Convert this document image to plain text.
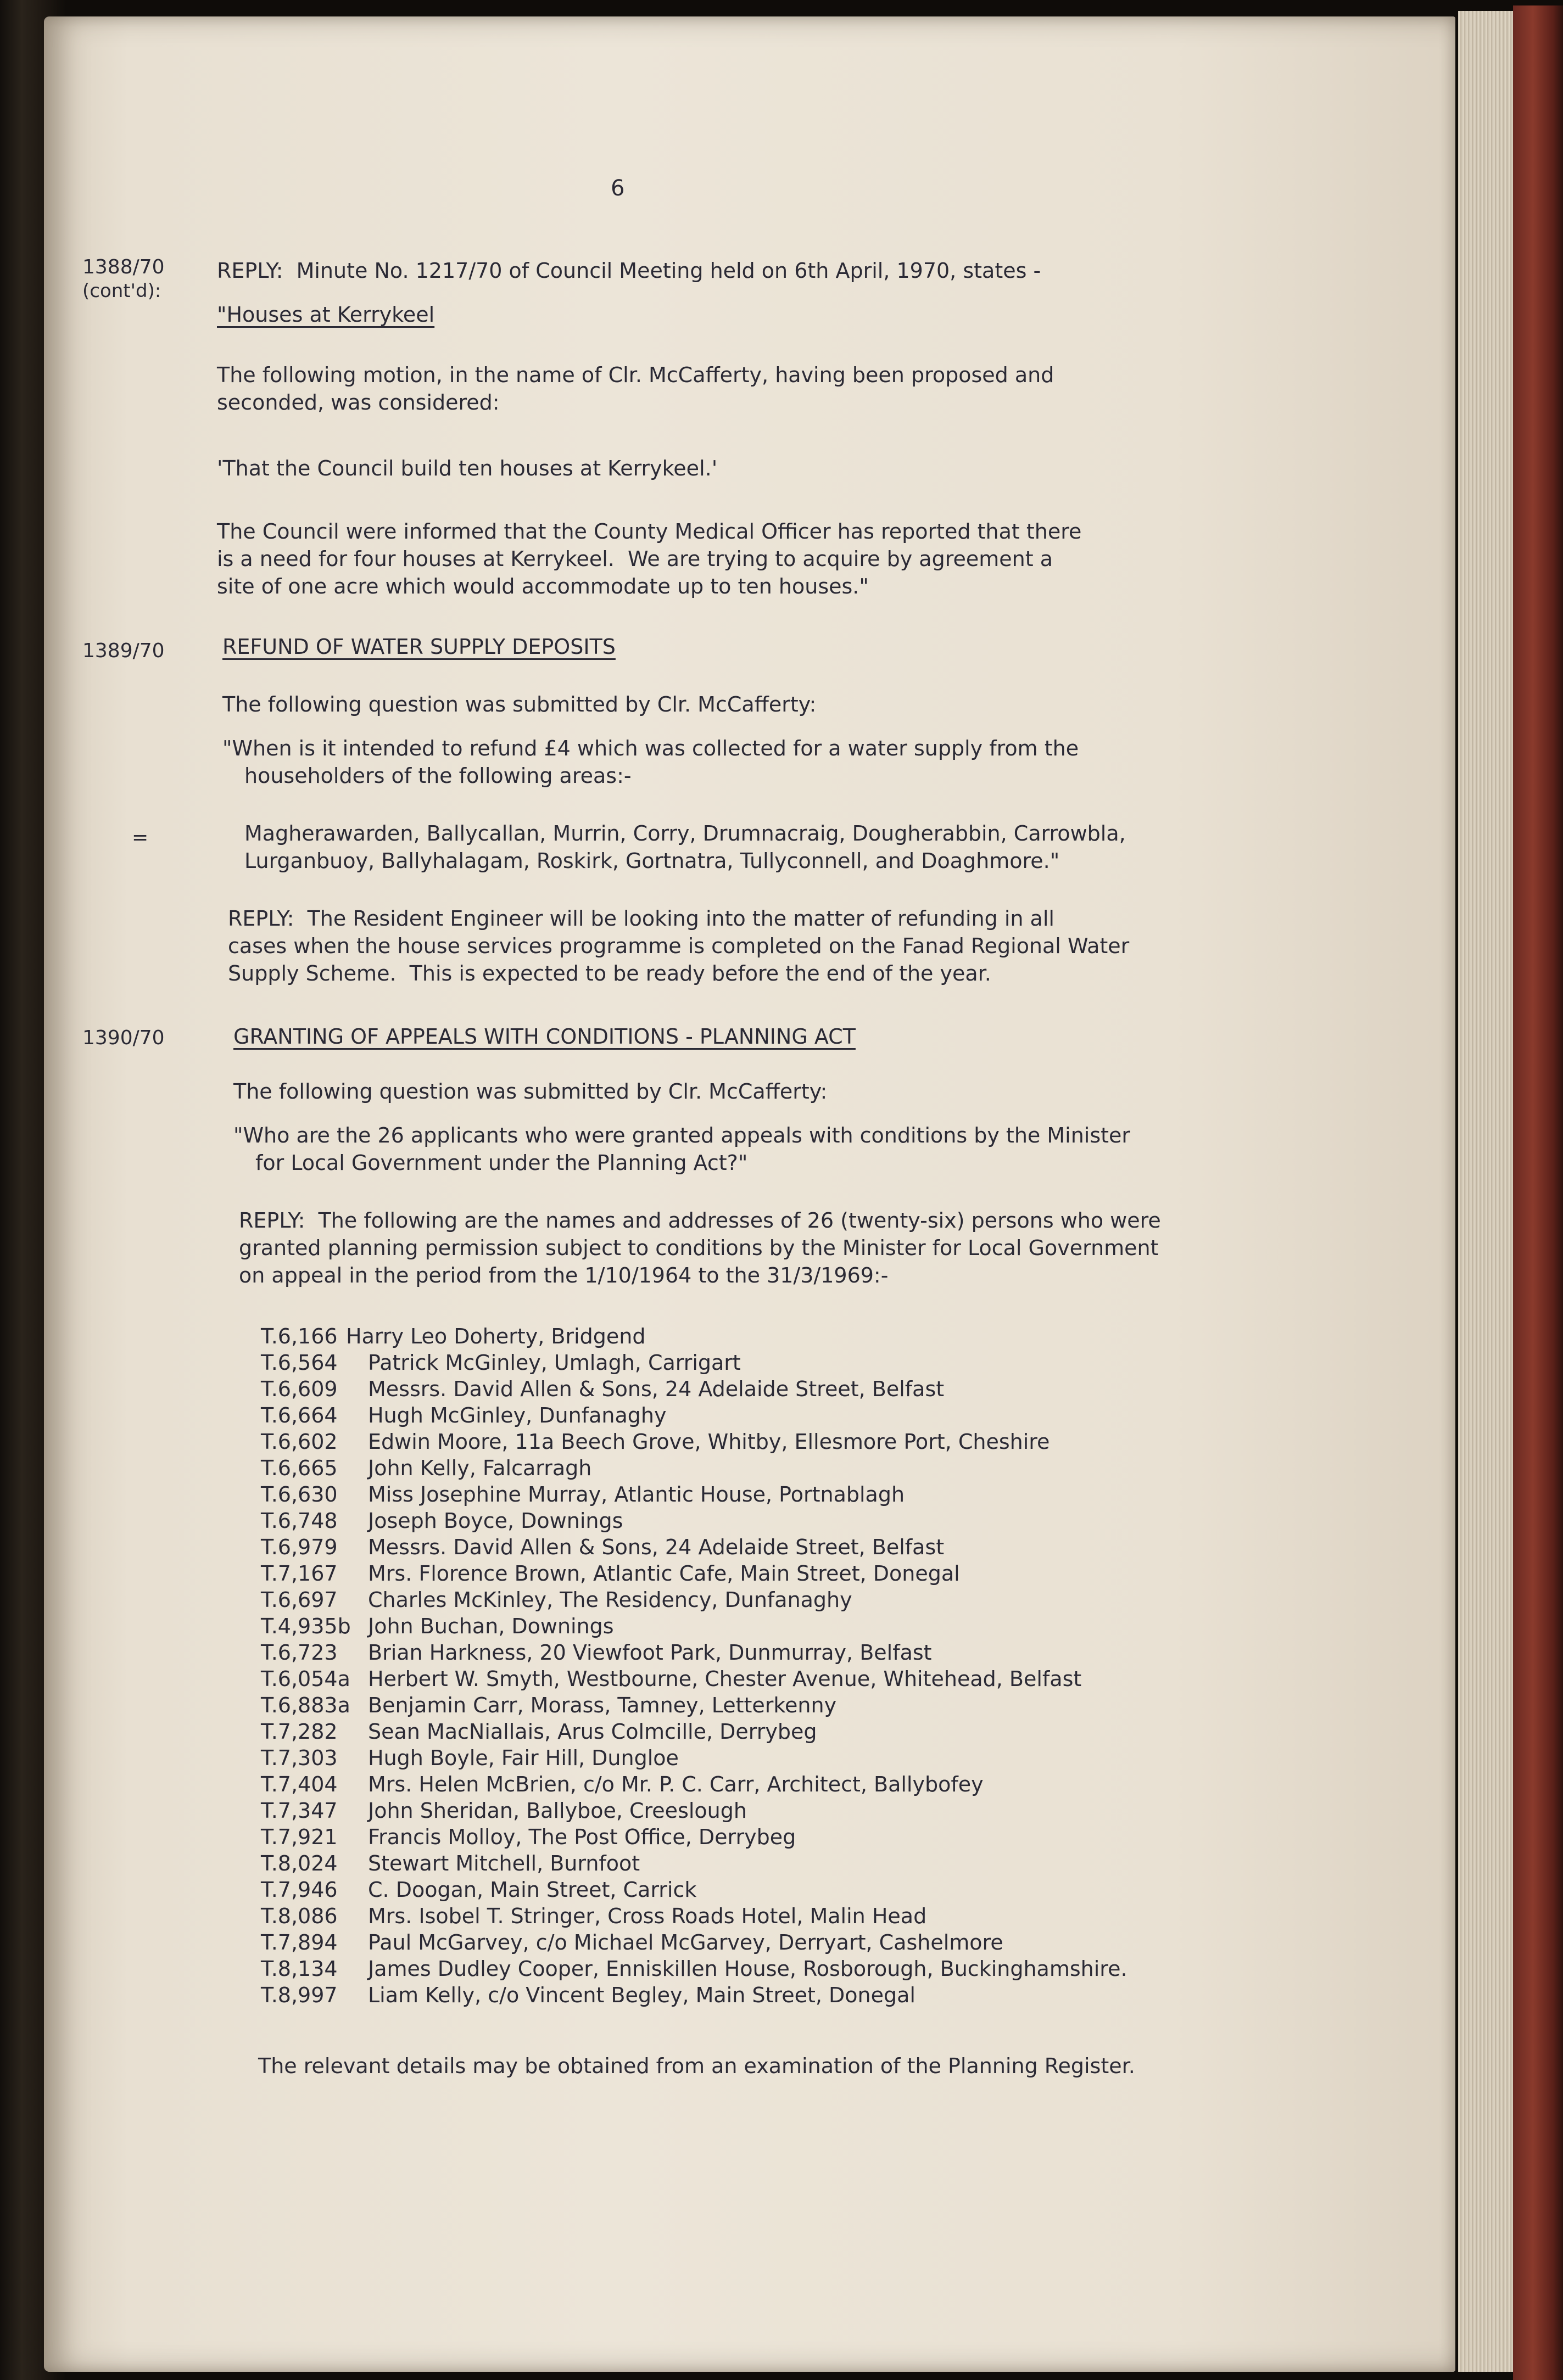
6
1388/70
(cont'd):
REPLY:  Minute No. 1217/70 of Council Meeting held on 6th April, 1970, states -
"Houses at Kerrykeel
The following motion, in the name of Clr. McCafferty, having been proposed and
seconded, was considered:
'That the Council build ten houses at Kerrykeel.'
The Council were informed that the County Medical Officer has reported that there
is a need for four houses at Kerrykeel.  We are trying to acquire by agreement a
site of one acre which would accommodate up to ten houses."
1389/70	REFUND OF WATER SUPPLY DEPOSITS
The following question was submitted by Clr. McCafferty:
"When is it intended to refund £4 which was collected for a water supply from the
householders of the following areas:-
=	Magherawarden, Ballycallan, Murrin, Corry, Drumnacraig, Dougherabbin, Carrowbla,
Lurganbuoy, Ballyhalagam, Roskirk, Gortnatra, Tullyconnell, and Doaghmore."
REPLY:  The Resident Engineer will be looking into the matter of refunding in all
cases when the house services programme is completed on the Fanad Regional Water
Supply Scheme.  This is expected to be ready before the end of the year.
1390/70	GRANTING OF APPEALS WITH CONDITIONS - PLANNING ACT
The following question was submitted by Clr. McCafferty:
"Who are the 26 applicants who were granted appeals with conditions by the Minister
for Local Government under the Planning Act?"
REPLY:  The following are the names and addresses of 26 (twenty-six) persons who were
granted planning permission subject to conditions by the Minister for Local Government
on appeal in the period from the 1/10/1964 to the 31/3/1969:-
T.6,166 Harry Leo Doherty, Bridgend
T.6,564 Patrick McGinley, Umlagh, Carrigart
T.6,609 Messrs. David Allen & Sons, 24 Adelaide Street, Belfast
T.6,664 Hugh McGinley, Dunfanaghy
T.6,602 Edwin Moore, 11a Beech Grove, Whitby, Ellesmore Port, Cheshire
T.6,665 John Kelly, Falcarragh
T.6,630 Miss Josephine Murray, Atlantic House, Portnablagh
T.6,748 Joseph Boyce, Downings
T.6,979 Messrs. David Allen & Sons, 24 Adelaide Street, Belfast
T.7,167 Mrs. Florence Brown, Atlantic Cafe, Main Street, Donegal
T.6,697 Charles McKinley, The Residency, Dunfanaghy
T.4,935b John Buchan, Downings
T.6,723 Brian Harkness, 20 Viewfoot Park, Dunmurray, Belfast
T.6,054a Herbert W. Smyth, Westbourne, Chester Avenue, Whitehead, Belfast
T.6,883a Benjamin Carr, Morass, Tamney, Letterkenny
T.7,282 Sean MacNiallais, Arus Colmcille, Derrybeg
T.7,303 Hugh Boyle, Fair Hill, Dungloe
T.7,404 Mrs. Helen McBrien, c/o Mr. P. C. Carr, Architect, Ballybofey
T.7,347 John Sheridan, Ballyboe, Creeslough
T.7,921 Francis Molloy, The Post Office, Derrybeg
T.8,024 Stewart Mitchell, Burnfoot
T.7,946 C. Doogan, Main Street, Carrick
T.8,086 Mrs. Isobel T. Stringer, Cross Roads Hotel, Malin Head
T.7,894 Paul McGarvey, c/o Michael McGarvey, Derryart, Cashelmore
T.8,134 James Dudley Cooper, Enniskillen House, Rosborough, Buckinghamshire.
T.8,997 Liam Kelly, c/o Vincent Begley, Main Street, Donegal
The relevant details may be obtained from an examination of the Planning Register.
